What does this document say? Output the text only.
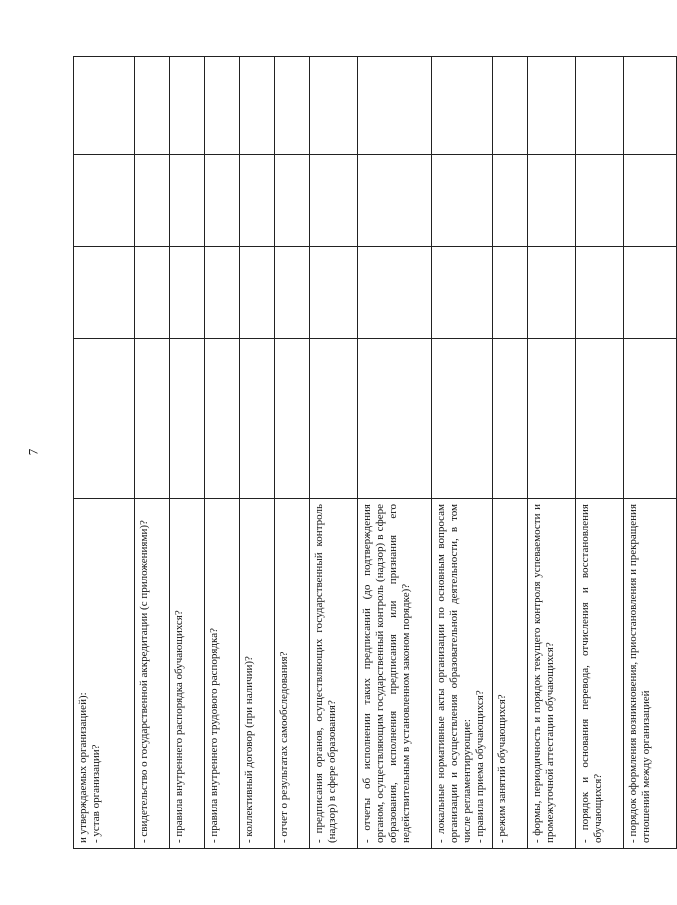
7
и утверждаемых организацией): - устав организации?				

- свидетельство о государственной аккредитации (с приложениями)?				

- правила внутреннего распорядка обучающихся?				

- правила внутреннего трудового распорядка?				

- коллективный договор (при наличии)?				

- отчет о результатах самообследования?				

- предписания органов, осуществляющих государственный контроль (надзор) в сфере образования?				

- отчеты об исполнении таких предписаний (до подтверждения органом, осуществляющим государственный контроль (надзор) в сфере образования, исполнения предписания или признания его недействительным в установленном законом порядке)?				

- локальные нормативные акты организации по основным вопросам организации и осуществления образовательной деятельности, в том числе регламентирующие: - правила приема обучающихся?				

- режим занятий обучающихся?				

- формы, периодичность и порядок текущего контроля успеваемости и промежуточной аттестации обучающихся?				

- порядок и основания перевода, отчисления и восстановления обучающихся?				

- порядок оформления возникновения, приостановления и прекращения отношений между организацией				
